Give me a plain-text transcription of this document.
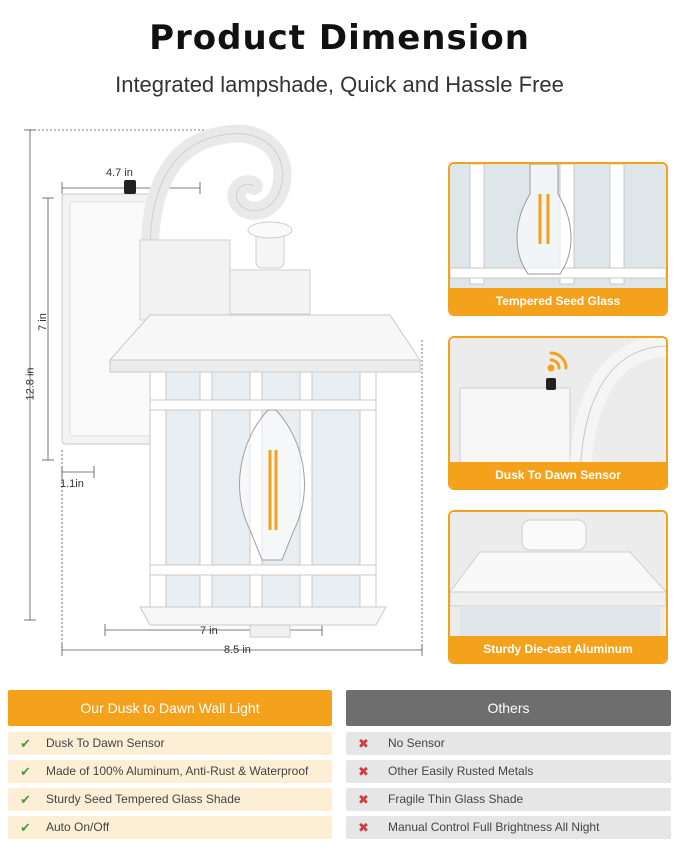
Product Dimension
Integrated lampshade, Quick and Hassle Free
4.7 in
7 in
12.8 in
1.1in
7 in
8.5 in
Tempered Seed Glass
Dusk To Dawn Sensor
Sturdy Die-cast Aluminum
Our Dusk to Dawn Wall Light	Others
✔ Dusk To Dawn Sensor
✔ Made of 100% Aluminum, Anti-Rust & Waterproof
✔ Sturdy Seed Tempered Glass Shade
✔ Auto On/Off
✖ No Sensor
✖ Other Easily Rusted Metals
✖ Fragile Thin Glass Shade
✖ Manual Control Full Brightness All Night
